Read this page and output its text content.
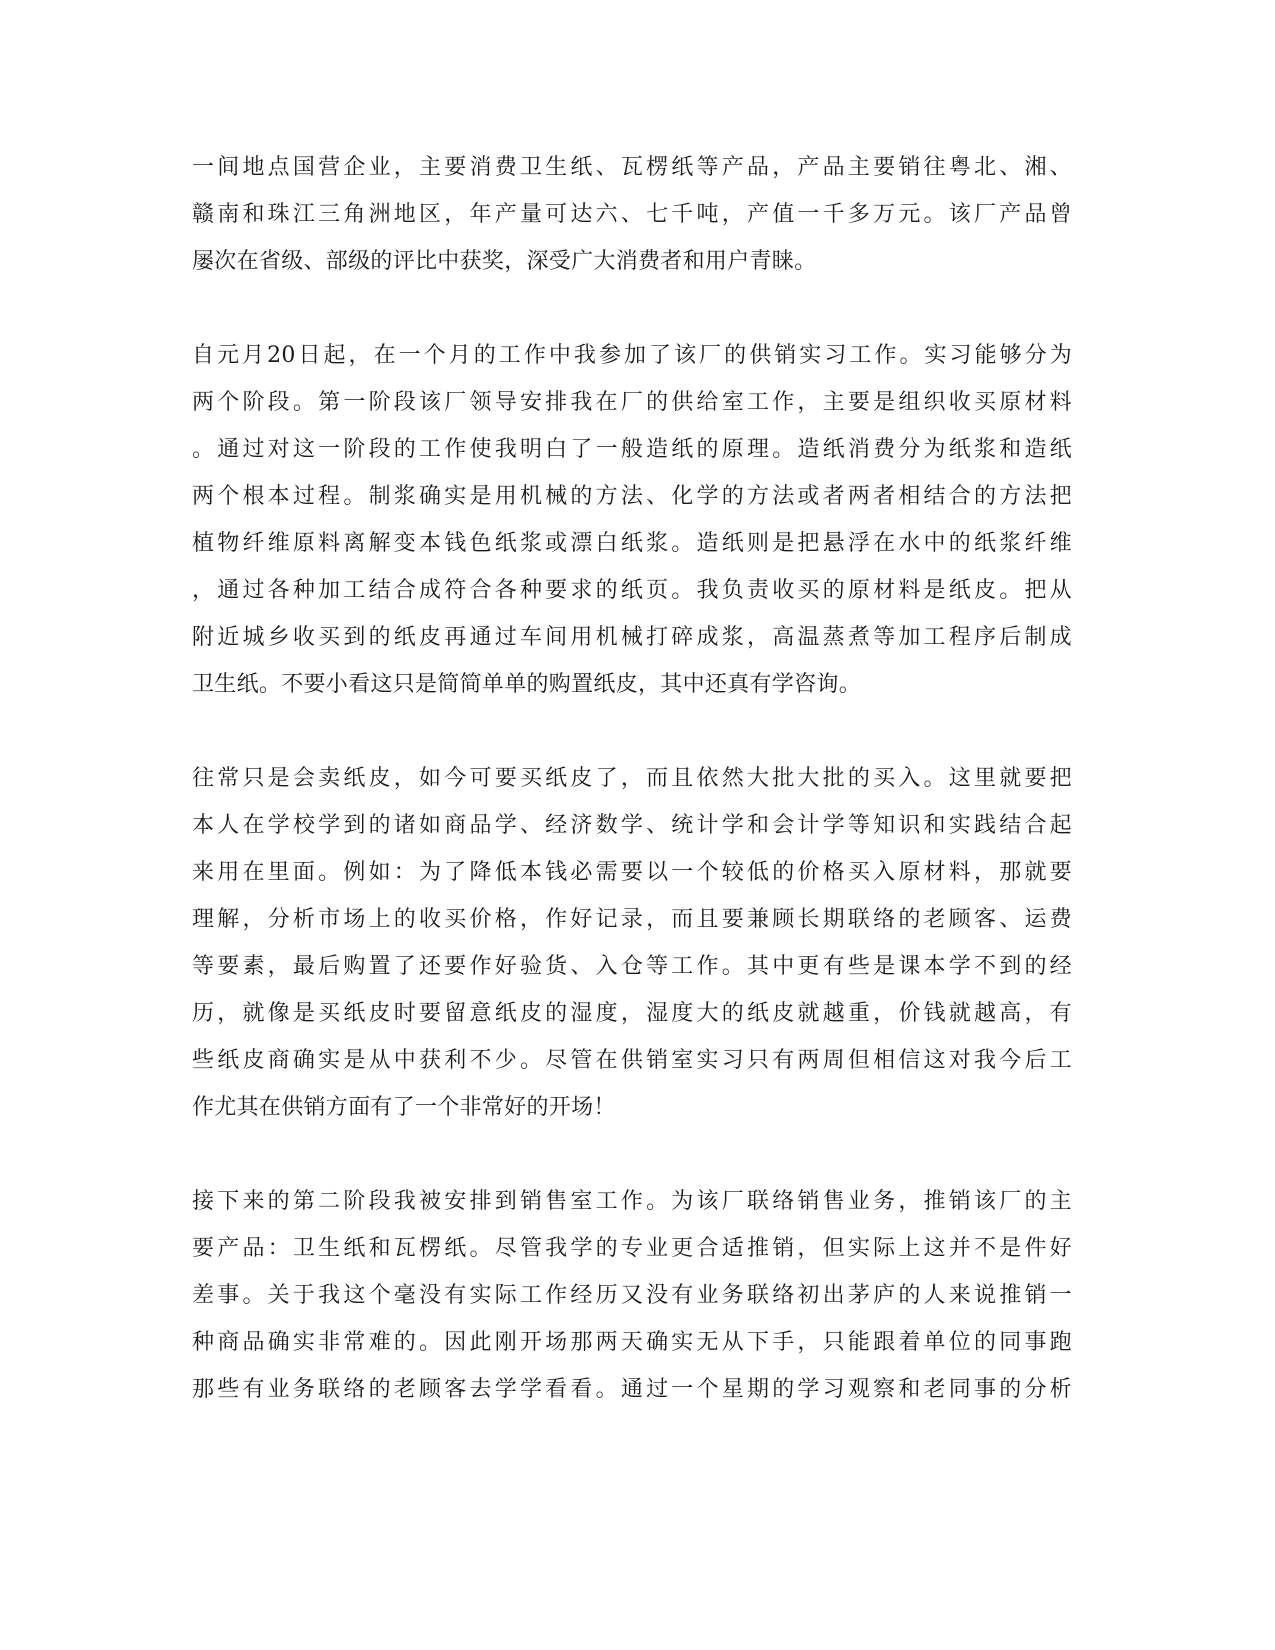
一间地点国营企业，主要消费卫生纸、瓦楞纸等产品，产品主要销往粤北、湘、
赣南和珠江三角洲地区，年产量可达六、七千吨，产值一千多万元。该厂产品曾
屡次在省级、部级的评比中获奖，深受广大消费者和用户青睐。
自元月20日起，在一个月的工作中我参加了该厂的供销实习工作。实习能够分为
两个阶段。第一阶段该厂领导安排我在厂的供给室工作，主要是组织收买原材料
。通过对这一阶段的工作使我明白了一般造纸的原理。造纸消费分为纸浆和造纸
两个根本过程。制浆确实是用机械的方法、化学的方法或者两者相结合的方法把
植物纤维原料离解变本钱色纸浆或漂白纸浆。造纸则是把悬浮在水中的纸浆纤维
，通过各种加工结合成符合各种要求的纸页。我负责收买的原材料是纸皮。把从
附近城乡收买到的纸皮再通过车间用机械打碎成浆，高温蒸煮等加工程序后制成
卫生纸。不要小看这只是简简单单的购置纸皮，其中还真有学咨询。
往常只是会卖纸皮，如今可要买纸皮了，而且依然大批大批的买入。这里就要把
本人在学校学到的诸如商品学、经济数学、统计学和会计学等知识和实践结合起
来用在里面。例如：为了降低本钱必需要以一个较低的价格买入原材料，那就要
理解，分析市场上的收买价格，作好记录，而且要兼顾长期联络的老顾客、运费
等要素，最后购置了还要作好验货、入仓等工作。其中更有些是课本学不到的经
历，就像是买纸皮时要留意纸皮的湿度，湿度大的纸皮就越重，价钱就越高，有
些纸皮商确实是从中获利不少。尽管在供销室实习只有两周但相信这对我今后工
作尤其在供销方面有了一个非常好的开场！
接下来的第二阶段我被安排到销售室工作。为该厂联络销售业务，推销该厂的主
要产品：卫生纸和瓦楞纸。尽管我学的专业更合适推销，但实际上这并不是件好
差事。关于我这个毫没有实际工作经历又没有业务联络初出茅庐的人来说推销一
种商品确实非常难的。因此刚开场那两天确实无从下手，只能跟着单位的同事跑
那些有业务联络的老顾客去学学看看。通过一个星期的学习观察和老同事的分析
